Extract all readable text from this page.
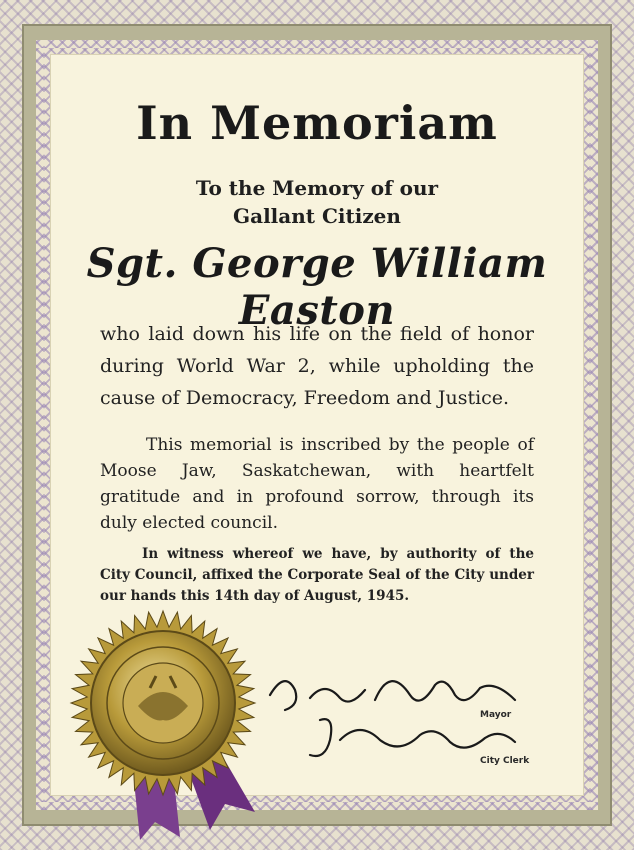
In Memoriam
To the Memory of our
Gallant Citizen
Sgt. George William Easton
who laid down his life on the field of honor during World War 2, while upholding the cause of Democracy, Freedom and Justice.
This memorial is inscribed by the people of Moose Jaw, Saskatchewan, with heartfelt gratitude and in profound sorrow, through its duly elected council.
In witness whereof we have, by authority of the City Council, affixed the Corporate Seal of the City under our hands this 14th day of August, 1945.
Mayor
City Clerk
